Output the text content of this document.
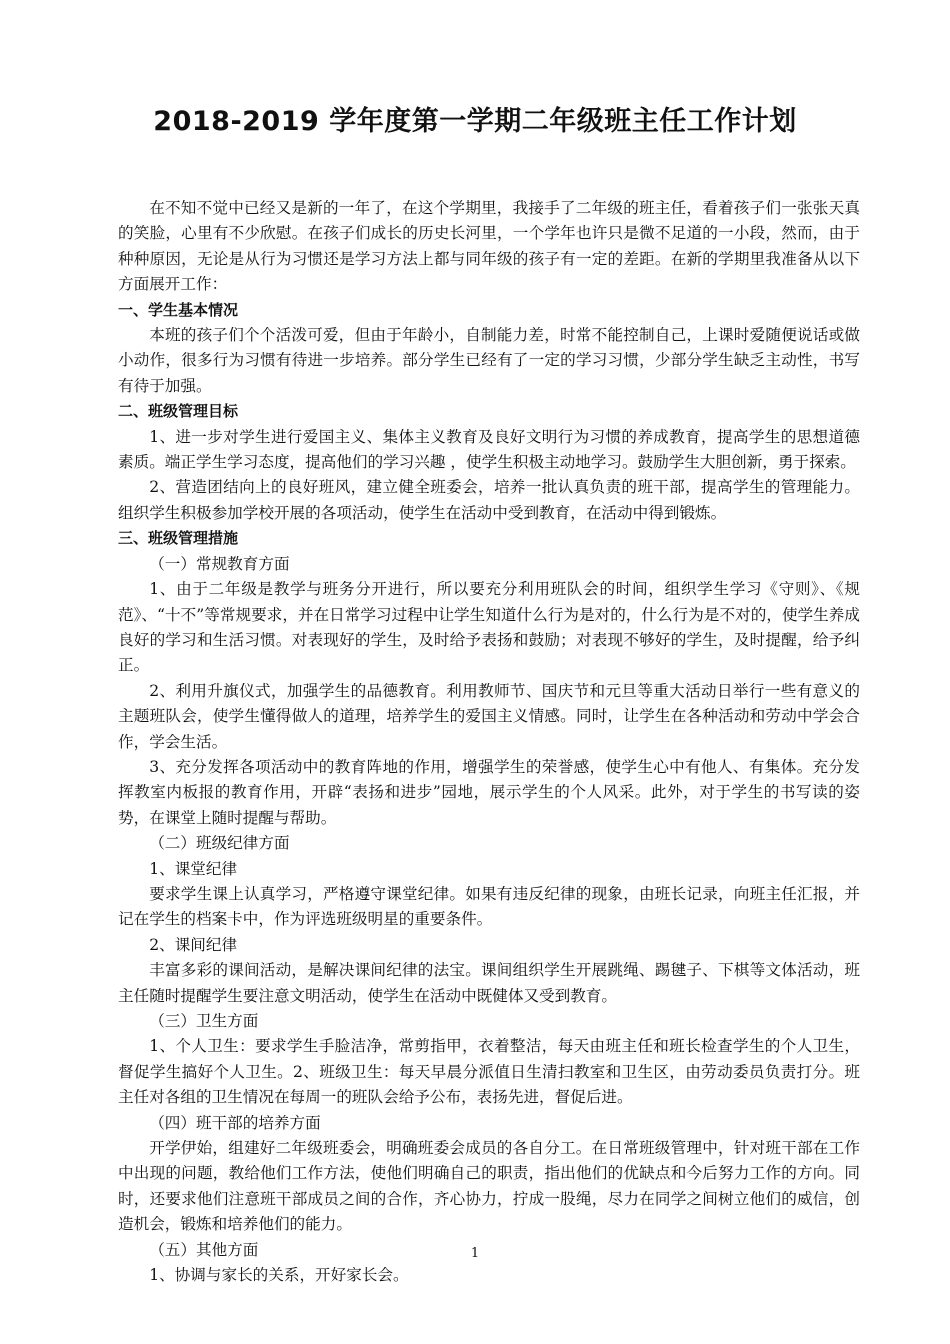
2018-2019 学年度第一学期二年级班主任工作计划

在不知不觉中已经又是新的一年了，在这个学期里，我接手了二年级的班主任，看着孩子们一张张天真的笑脸，心里有不少欣慰。在孩子们成长的历史长河里，一个学年也许只是微不足道的一小段，然而，由于种种原因，无论是从行为习惯还是学习方法上都与同年级的孩子有一定的差距。在新的学期里我准备从以下方面展开工作：

一、学生基本情况

本班的孩子们个个活泼可爱，但由于年龄小，自制能力差，时常不能控制自己，上课时爱随便说话或做小动作，很多行为习惯有待进一步培养。部分学生已经有了一定的学习习惯，少部分学生缺乏主动性，书写有待于加强。

二、班级管理目标

1、进一步对学生进行爱国主义、集体主义教育及良好文明行为习惯的养成教育，提高学生的思想道德素质。端正学生学习态度，提高他们的学习兴趣 ，使学生积极主动地学习。鼓励学生大胆创新，勇于探索。

2、营造团结向上的良好班风，建立健全班委会，培养一批认真负责的班干部，提高学生的管理能力。组织学生积极参加学校开展的各项活动，使学生在活动中受到教育，在活动中得到锻炼。

三、班级管理措施

（一）常规教育方面

1、由于二年级是教学与班务分开进行，所以要充分利用班队会的时间，组织学生学习《守则》、《规范》、“十不”等常规要求，并在日常学习过程中让学生知道什么行为是对的，什么行为是不对的，使学生养成良好的学习和生活习惯。对表现好的学生，及时给予表扬和鼓励；对表现不够好的学生，及时提醒，给予纠正。

2、利用升旗仪式，加强学生的品德教育。利用教师节、国庆节和元旦等重大活动日举行一些有意义的主题班队会，使学生懂得做人的道理，培养学生的爱国主义情感。同时，让学生在各种活动和劳动中学会合作，学会生活。

3、充分发挥各项活动中的教育阵地的作用，增强学生的荣誉感，使学生心中有他人、有集体。充分发挥教室内板报的教育作用，开辟“表扬和进步”园地，展示学生的个人风采。此外，对于学生的书写读的姿势，在课堂上随时提醒与帮助。

（二）班级纪律方面

1、课堂纪律

要求学生课上认真学习，严格遵守课堂纪律。如果有违反纪律的现象，由班长记录，向班主任汇报，并记在学生的档案卡中，作为评选班级明星的重要条件。

2、课间纪律

丰富多彩的课间活动，是解决课间纪律的法宝。课间组织学生开展跳绳、踢毽子、下棋等文体活动，班主任随时提醒学生要注意文明活动，使学生在活动中既健体又受到教育。

（三）卫生方面

1、个人卫生：要求学生手脸洁净，常剪指甲，衣着整洁，每天由班主任和班长检查学生的个人卫生，督促学生搞好个人卫生。2、班级卫生：每天早晨分派值日生清扫教室和卫生区，由劳动委员负责打分。班主任对各组的卫生情况在每周一的班队会给予公布，表扬先进，督促后进。

（四）班干部的培养方面

开学伊始，组建好二年级班委会，明确班委会成员的各自分工。在日常班级管理中，针对班干部在工作中出现的问题，教给他们工作方法，使他们明确自己的职责，指出他们的优缺点和今后努力工作的方向。同时，还要求他们注意班干部成员之间的合作，齐心协力，拧成一股绳，尽力在同学之间树立他们的威信，创造机会，锻炼和培养他们的能力。

（五）其他方面

1、协调与家长的关系，开好家长会。

1
